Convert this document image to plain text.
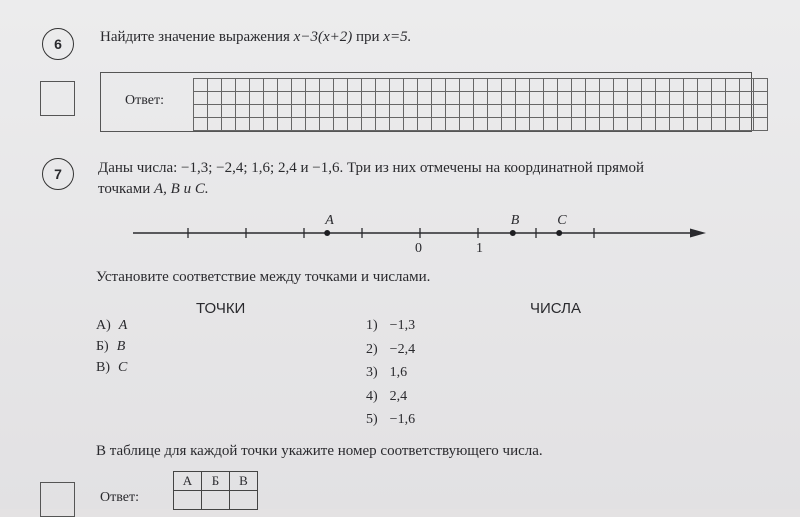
6	Найдите значение выражения x−3(x+2) при x=5.
Ответ:

7	Даны числа: −1,3; −2,4; 1,6; 2,4 и −1,6. Три из них отмечены на координатной прямой
точками A, B и C.
0	1
A	B	C
Установите соответствие между точками и числами.
ТОЧКИ	ЧИСЛА
А) A
Б) B
В) C
1) −1,3
2) −2,4
3) 1,6
4) 2,4
5) −1,6
В таблице для каждой точки укажите номер соответствующего числа.
А	Б	В

Ответ:
